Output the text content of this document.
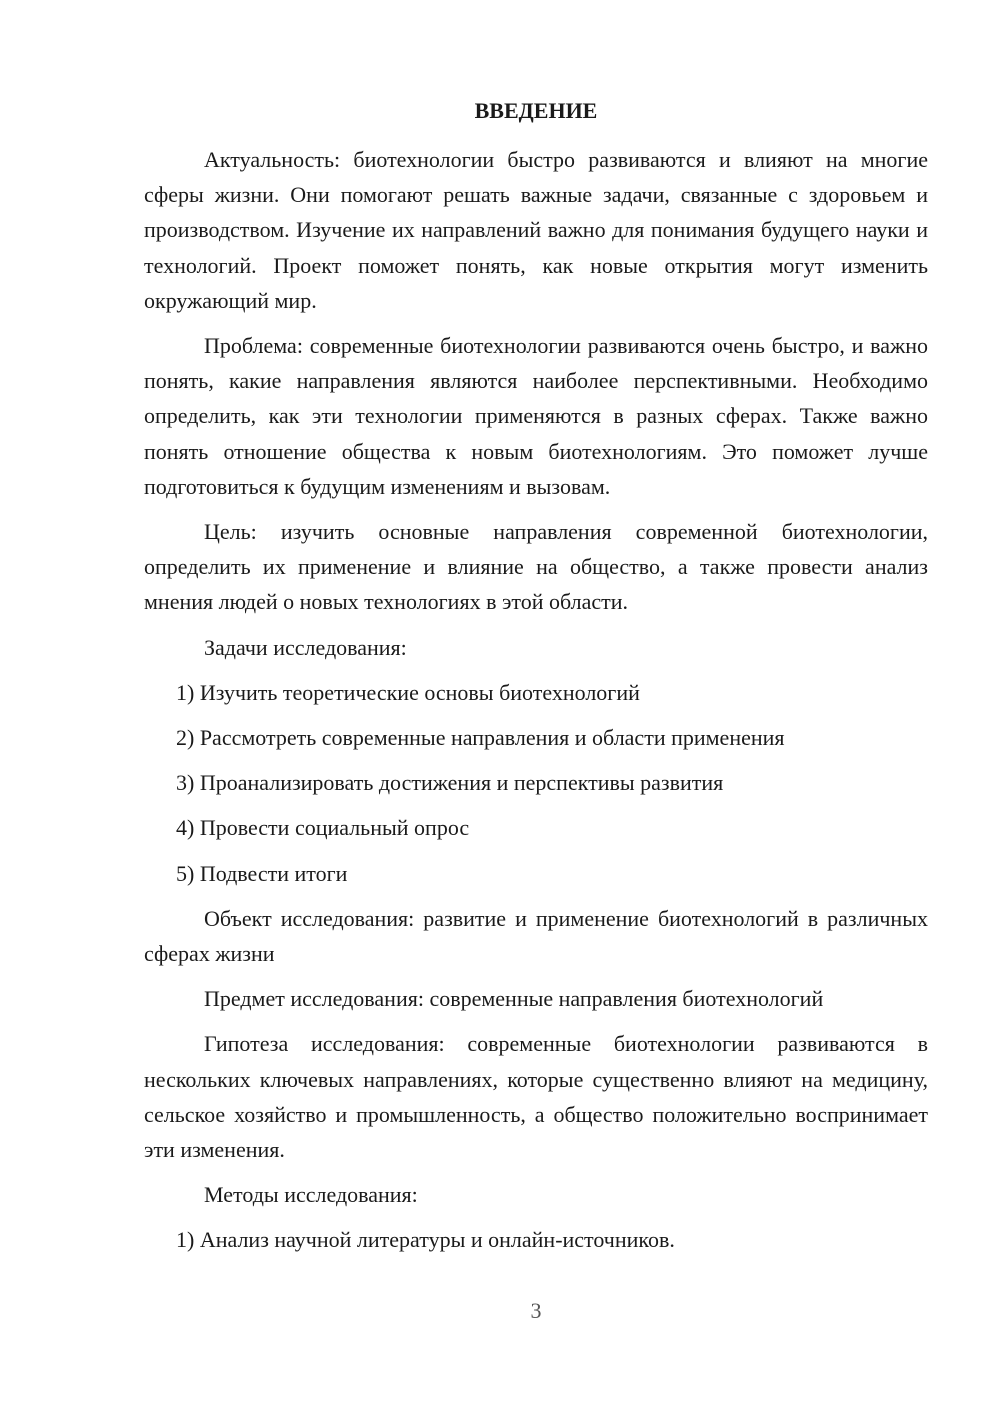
ВВЕДЕНИЕ

Актуальность: биотехнологии быстро развиваются и влияют на многие сферы жизни. Они помогают решать важные задачи, связанные с здоровьем и производством. Изучение их направлений важно для понимания будущего науки и технологий. Проект поможет понять, как новые открытия могут изменить окружающий мир.

Проблема: современные биотехнологии развиваются очень быстро, и важно понять, какие направления являются наиболее перспективными. Необходимо определить, как эти технологии применяются в разных сферах. Также важно понять отношение общества к новым биотехнологиям. Это поможет лучше подготовиться к будущим изменениям и вызовам.

Цель: изучить основные направления современной биотехнологии, определить их применение и влияние на общество, а также провести анализ мнения людей о новых технологиях в этой области.

Задачи исследования:

1) Изучить теоретические основы биотехнологий
2) Рассмотреть современные направления и области применения
3) Проанализировать достижения и перспективы развития
4) Провести социальный опрос
5) Подвести итоги

Объект исследования: развитие и применение биотехнологий в различных сферах жизни

Предмет исследования: современные направления биотехнологий

Гипотеза исследования: современные биотехнологии развиваются в нескольких ключевых направлениях, которые существенно влияют на медицину, сельское хозяйство и промышленность, а общество положительно воспринимает эти изменения.

Методы исследования:

1) Анализ научной литературы и онлайн-источников.
3
